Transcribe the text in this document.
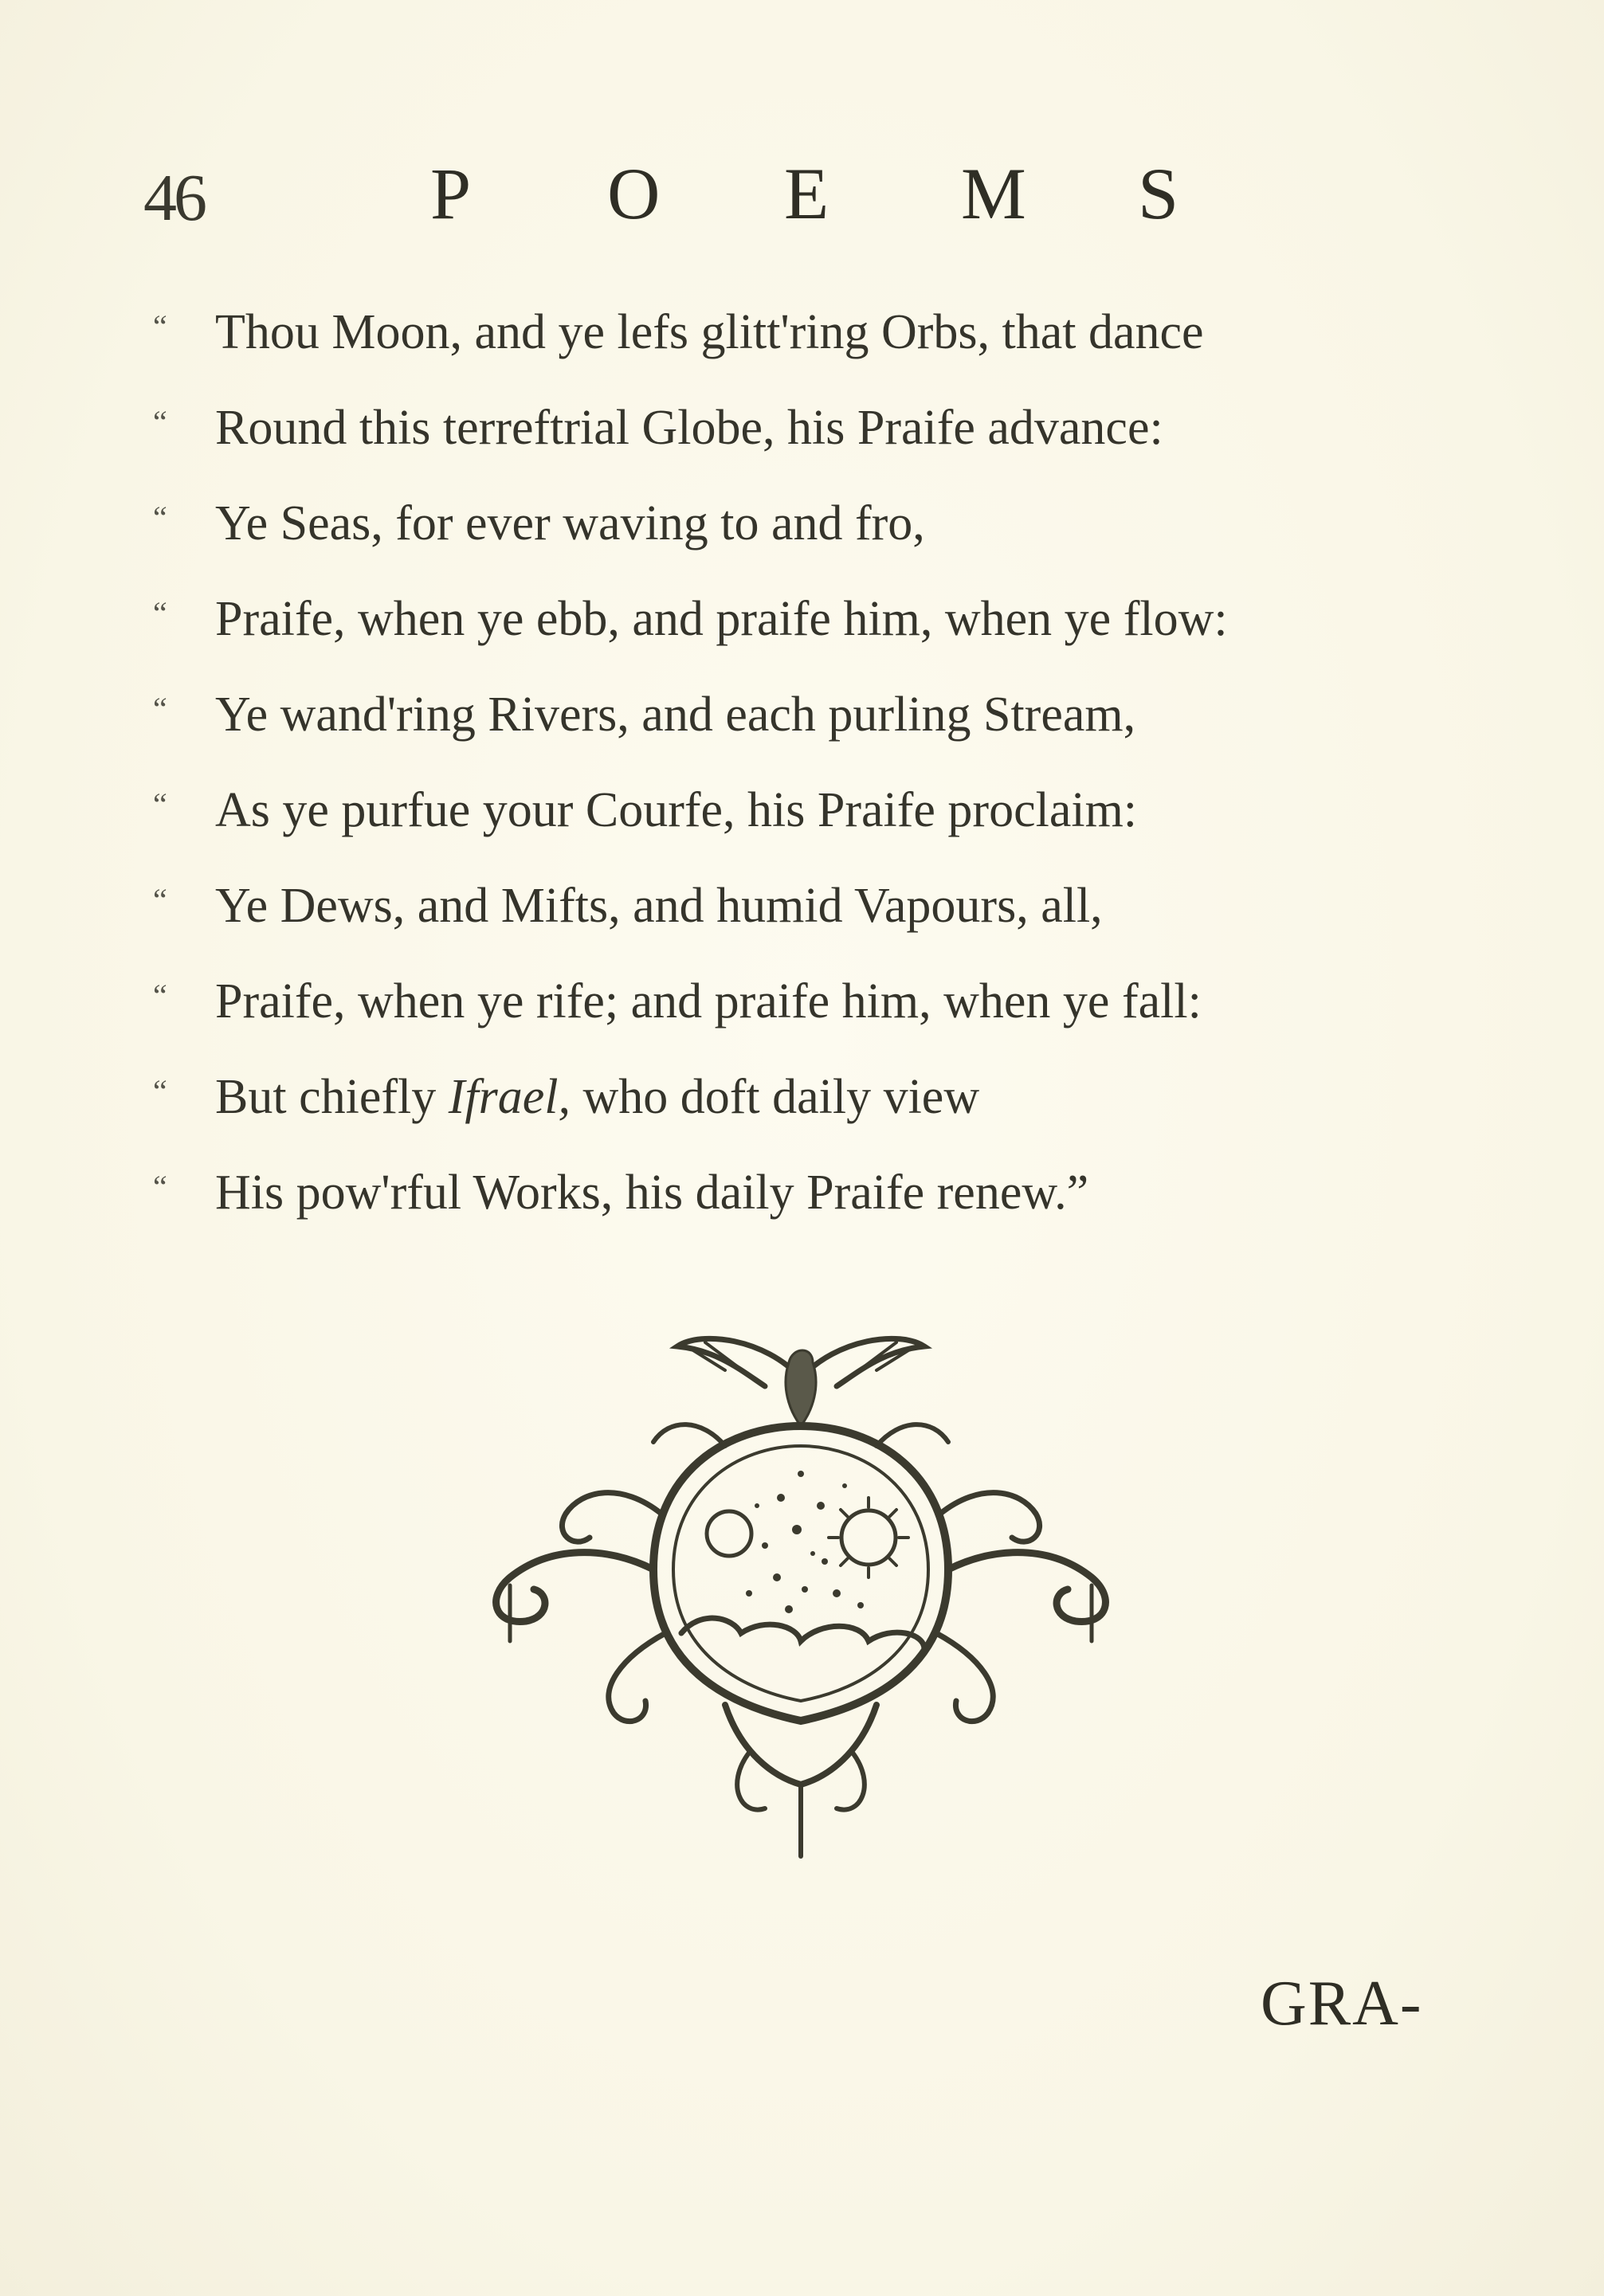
46	P O E M S
“ Thou Moon, and ye lefs glitt'ring Orbs, that dance
“ Round this terreftrial Globe, his Praife advance:
“ Ye Seas, for ever waving to and fro,
“ Praife, when ye ebb, and praife him, when ye flow:
“ Ye wand'ring Rivers, and each purling Stream,
“ As ye purfue your Courfe, his Praife proclaim:
“ Ye Dews, and Mifts, and humid Vapours, all,
“ Praife, when ye rife; and praife him, when ye fall:
“ But chiefly Ifrael, who doft daily view
“ His pow'rful Works, his daily Praife renew.”
GRA-
